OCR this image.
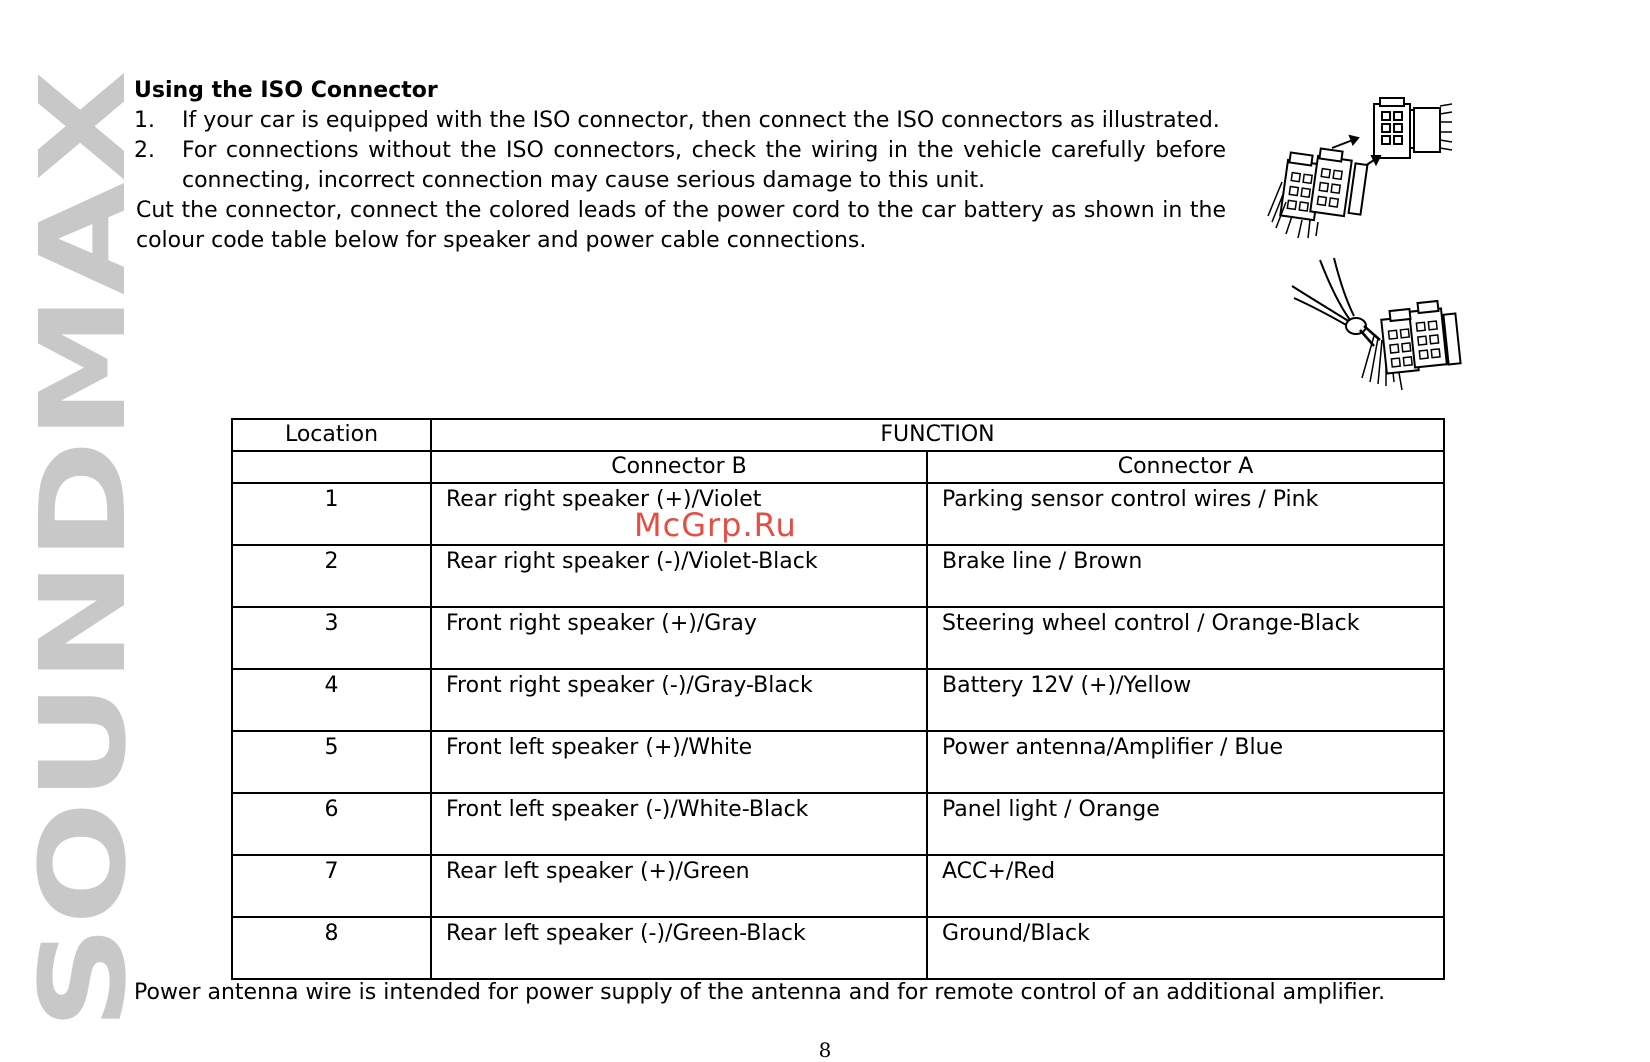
SOUNDMAX

Using the ISO Connector

1.	If your car is equipped with the ISO connector, then connect the ISO connectors as illustrated.
2.	For connections without the ISO connectors, check the wiring in the vehicle carefully before connecting, incorrect connection may cause serious damage to this unit.

Cut the connector, connect the colored leads of the power cord to the car battery as shown in the colour code table below for speaker and power cable connections.

McGrp.Ru
Location	FUNCTION	
	Connector B	Connector A
1	Rear right speaker (+)/Violet	Parking sensor control wires / Pink
2	Rear right speaker (-)/Violet-Black	Brake line / Brown
3	Front right speaker (+)/Gray	Steering wheel control / Orange-Black
4	Front right speaker (-)/Gray-Black	Battery 12V (+)/Yellow
5	Front left speaker (+)/White	Power antenna/Amplifier / Blue
6	Front left speaker (-)/White-Black	Panel light / Orange
7	Rear left speaker (+)/Green	ACC+/Red
8	Rear left speaker (-)/Green-Black	Ground/Black

Power antenna wire is intended for power supply of the antenna and for remote control of an additional amplifier.

8
